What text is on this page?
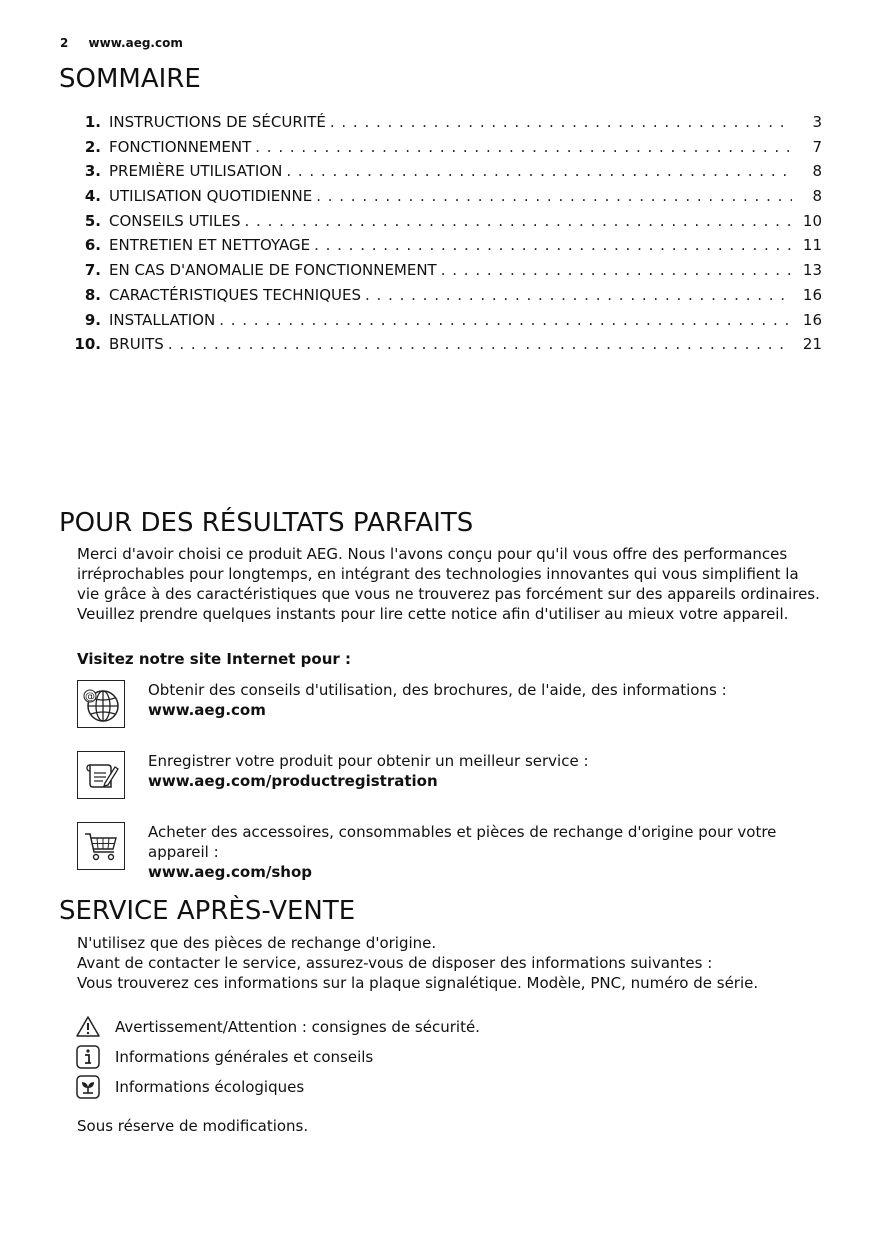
2 www.aeg.com
SOMMAIRE
1. INSTRUCTIONS DE SÉCURITÉ . . .	3
2. FONCTIONNEMENT . . .	7
3. PREMIÈRE UTILISATION . . .	8
4. UTILISATION QUOTIDIENNE . . .	8
5. CONSEILS UTILES . . .	10
6. ENTRETIEN ET NETTOYAGE . . .	11
7. EN CAS D'ANOMALIE DE FONCTIONNEMENT . . .	13
8. CARACTÉRISTIQUES TECHNIQUES . . .	16
9. INSTALLATION . . .	16
10. BRUITS . . .	21
POUR DES RÉSULTATS PARFAITS
Merci d'avoir choisi ce produit AEG. Nous l'avons conçu pour qu'il vous offre des performances irréprochables pour longtemps, en intégrant des technologies innovantes qui vous simplifient la vie grâce à des caractéristiques que vous ne trouverez pas forcément sur des appareils ordinaires. Veuillez prendre quelques instants pour lire cette notice afin d'utiliser au mieux votre appareil.
Visitez notre site Internet pour :
@	Obtenir des conseils d'utilisation, des brochures, de l'aide, des informations :
www.aeg.com
Enregistrer votre produit pour obtenir un meilleur service :
www.aeg.com/productregistration
Acheter des accessoires, consommables et pièces de rechange d'origine pour votre appareil :
www.aeg.com/shop
SERVICE APRÈS-VENTE
N'utilisez que des pièces de rechange d'origine.
Avant de contacter le service, assurez-vous de disposer des informations suivantes :
Vous trouverez ces informations sur la plaque signalétique. Modèle, PNC, numéro de série.
Avertissement/Attention : consignes de sécurité.
Informations générales et conseils
Informations écologiques
Sous réserve de modifications.
